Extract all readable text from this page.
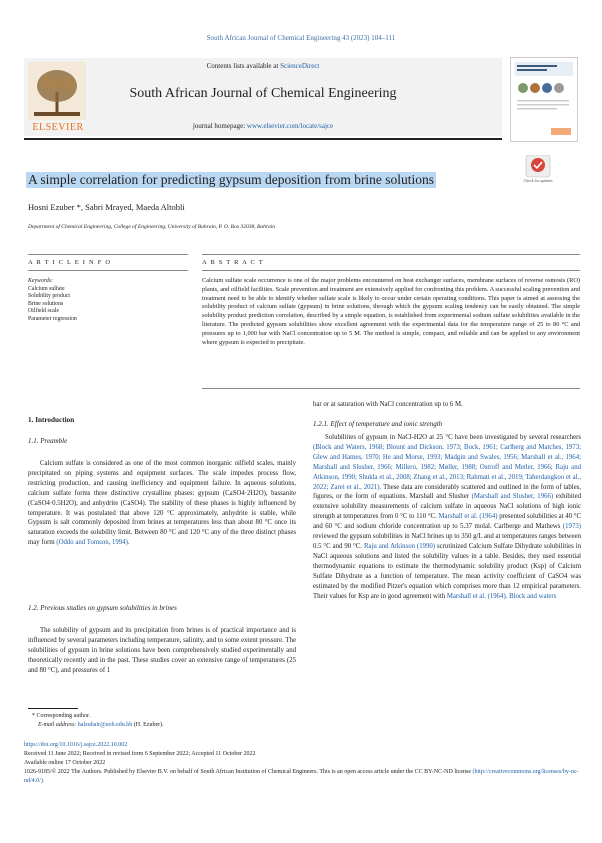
South African Journal of Chemical Engineering 43 (2023) 104–111
Contents lists available at ScienceDirect
South African Journal of Chemical Engineering
journal homepage: www.elsevier.com/locate/sajce
ELSEVIER
Check for updates
A simple correlation for predicting gypsum deposition from brine solutions
Hosni Ezuber *, Sabri Mrayed, Maeda Altobli
Department of Chemical Engineering, College of Engineering, University of Bahrain, P. O. Box 32038, Bahrain
A R T I C L E I N F O	A B S T R A C T
Keywords:
Calcium sulfate
Solubility product
Brine solutions
Oilfield scale
Parameter regression
Calcium sulfate scale occurrence is one of the major problems encountered on heat exchanger surfaces, membrane surfaces of reverse osmosis (RO) plants, and oilfield facilities. Scale prevention and treatment are extensively applied for confronting this problem. A successful scaling prevention and treatment need to be able to identify whether sulfate scale is likely to occur under certain operating conditions. This paper is aimed at assessing the solubility product of calcium sulfate (gypsum) in brine solutions, through which the gypsum scaling tendency can be easily obtained. The simple solubility product prediction correlation, described by a simple equation, is established from experimental sodium sulfate solubilities available in the literature. The predicted gypsum solubilities show excellent agreement with the experimental data for the temperature range of 25 to 80 °C and pressures up to 1,000 bar with NaCl concentration up to 5 M. The method is simple, compact, and reliable and can be applied to any environment where gypsum is expected to precipitate.
1. Introduction
1.1. Preamble
Calcium sulfate is considered as one of the most common inorganic oilfield scales, mainly precipitated on piping systems and equipment surfaces. The scale impedes process flow, restricting production, and causing inefficiency and equipment failure. In aqueous solutions, calcium sulfate forms three distinctive crystalline phases: gypsum (CaSO4·2H2O), bassanite (CaSO4·0.5H2O), and anhydrite (CaSO4). The stability of these phases is highly influenced by temperature. It was postulated that above 120 °C approximately, anhydrite is stable, while Gypsum is salt commonly deposited from brines at temperatures less than about 80 °C once its saturation exceeds the solubility limit. Between 80 °C and 120 °C any of the three distinct phases may form (Oddo and Tomson, 1994).
1.2. Previous studies on gypsum solubilities in brines
The solubility of gypsum and its precipitation from brines is of practical importance and is influenced by several parameters including temperature, salinity, and to some extent pressure. The solubilities of gypsum in brine solutions have been comprehensively studied experimentally and theoretically recently and in the past. These studies cover an extensive range of temperatures (25 and 80 °C), and pressures of 1
bar or at saturation with NaCl concentration up to 6 M.
1.2.1. Effect of temperature and ionic strength
Solubilities of gypsum in NaCl-H2O at 25 °C have been investigated by several researchers (Block and Waters, 1968; Blount and Dickson, 1973; Bock, 1961; Carlberg and Matches, 1973; Glew and Hames, 1970; He and Morse, 1993; Madgin and Swales, 1956; Marshall et al., 1964; Marshall and Slusher, 1966; Millero, 1982; Møller, 1988; Ostroff and Metler, 1966; Raju and Atkinson, 1990; Shukla et al., 2008; Zhang et al., 2013; Rahmati et al., 2019; Taherdangkoo et al., 2022; Zarei et al., 2021). These data are considerably scattered and outlined in the form of tables, figures, or the form of equations. Marshall and Slusher (Marshall and Slusher, 1966) exhibited extensive solubility measurements of calcium sulfate in aqueous NaCl solutions of high ionic strength at temperatures from 0 °C to 110 °C. Marshall et al. (1964) presented solubilities at 40 °C and 60 °C and sodium chloride concentration up to 5.37 molal. Carlberge and Mathews (1973) reviewed the gypsum solubilities in NaCl brines up to 350 g/L and at temperatures ranges between 0.5 °C and 90 °C. Raju and Atkinson (1990) scrutinized Calcium Sulfate Dihydrate solubilities in NaCl aqueous solutions and listed the solubility values in a table. Besides, they used essential thermodynamic equations to estimate the thermodynamic solubility product (Ksp) of Calcium Sulfate Dihydrate as a function of temperature. The mean activity coefficient of CaSO4 was estimated by the modified Pitzer's equation which comprises more than 12 empirical parameters. Their values for Ksp are in good agreement with Marshall et al. (1964). Block and waters
* Corresponding author.
E-mail address: halzubair@uob.edu.bh (H. Ezuber).
https://doi.org/10.1016/j.sajce.2022.10.002
Received 11 June 2022; Received in revised form 6 September 2022; Accepted 11 October 2022
Available online 17 October 2022
1026-9185/© 2022 The Authors. Published by Elsevier B.V. on behalf of South African Institution of Chemical Engineers. This is an open access article under the CC BY-NC-ND license (http://creativecommons.org/licenses/by-nc-nd/4.0/).
